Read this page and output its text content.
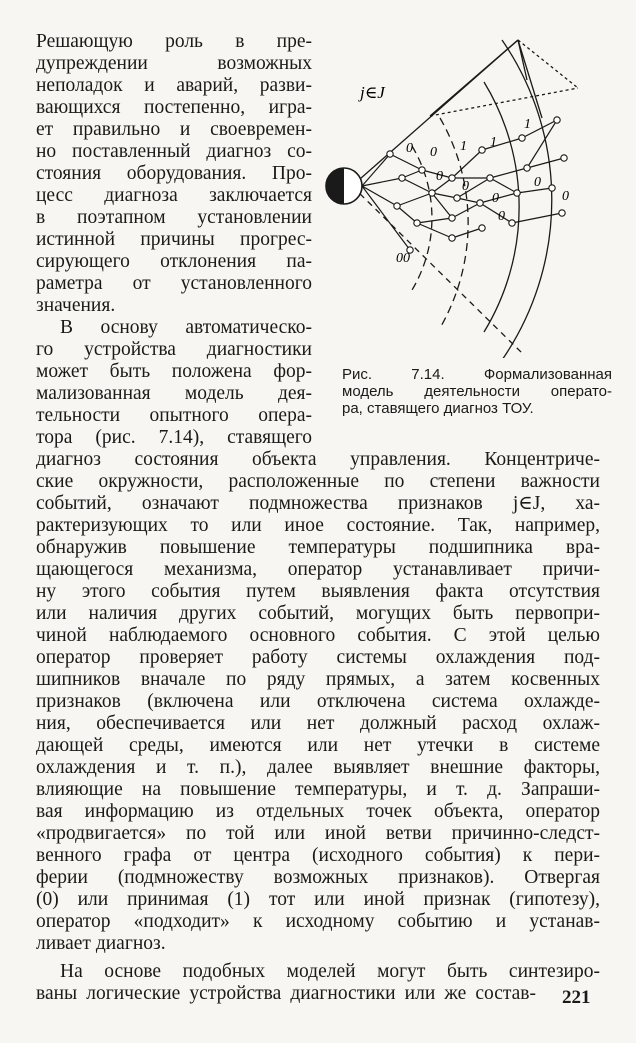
Решающую роль в пре-
дупреждении возможных
неполадок и аварий, разви-
вающихся постепенно, игра-
ет правильно и своевремен-
но поставленный диагноз со-
стояния оборудования. Про-
цесс диагноза заключается
в поэтапном установлении
истинной причины прогрес-
сирующего отклонения па-
раметра от установленного
значения.
В основу автоматическо-
го устройства диагностики
может быть положена фор-
мализованная модель дея-
тельности опытного опера-
тора (рис. 7.14), ставящего
0 0
0
1
0
1
1
0
0
0
0
00
j∈J
Рис. 7.14. Формализованная
модель деятельности операто-
ра, ставящего диагноз ТОУ.
диагноз состояния объекта управления. Концентриче-
ские окружности, расположенные по степени важности
событий, означают подмножества признаков j∈J, ха-
рактеризующих то или иное состояние. Так, например,
обнаружив повышение температуры подшипника вра-
щающегося механизма, оператор устанавливает причи-
ну этого события путем выявления факта отсутствия
или наличия других событий, могущих быть первопри-
чиной наблюдаемого основного события. С этой целью
оператор проверяет работу системы охлаждения под-
шипников вначале по ряду прямых, а затем косвенных
признаков (включена или отключена система охлажде-
ния, обеспечивается или нет должный расход охлаж-
дающей среды, имеются или нет утечки в системе
охлаждения и т. п.), далее выявляет внешние факторы,
влияющие на повышение температуры, и т. д. Запраши-
вая информацию из отдельных точек объекта, оператор
«продвигается» по той или иной ветви причинно-следст-
венного графа от центра (исходного события) к пери-
ферии (подмножеству возможных признаков). Отвергая
(0) или принимая (1) тот или иной признак (гипотезу),
оператор «подходит» к исходному событию и устанав-
ливает диагноз.
На основе подобных моделей могут быть синтезиро-
ваны логические устройства диагностики или же состав- 221
